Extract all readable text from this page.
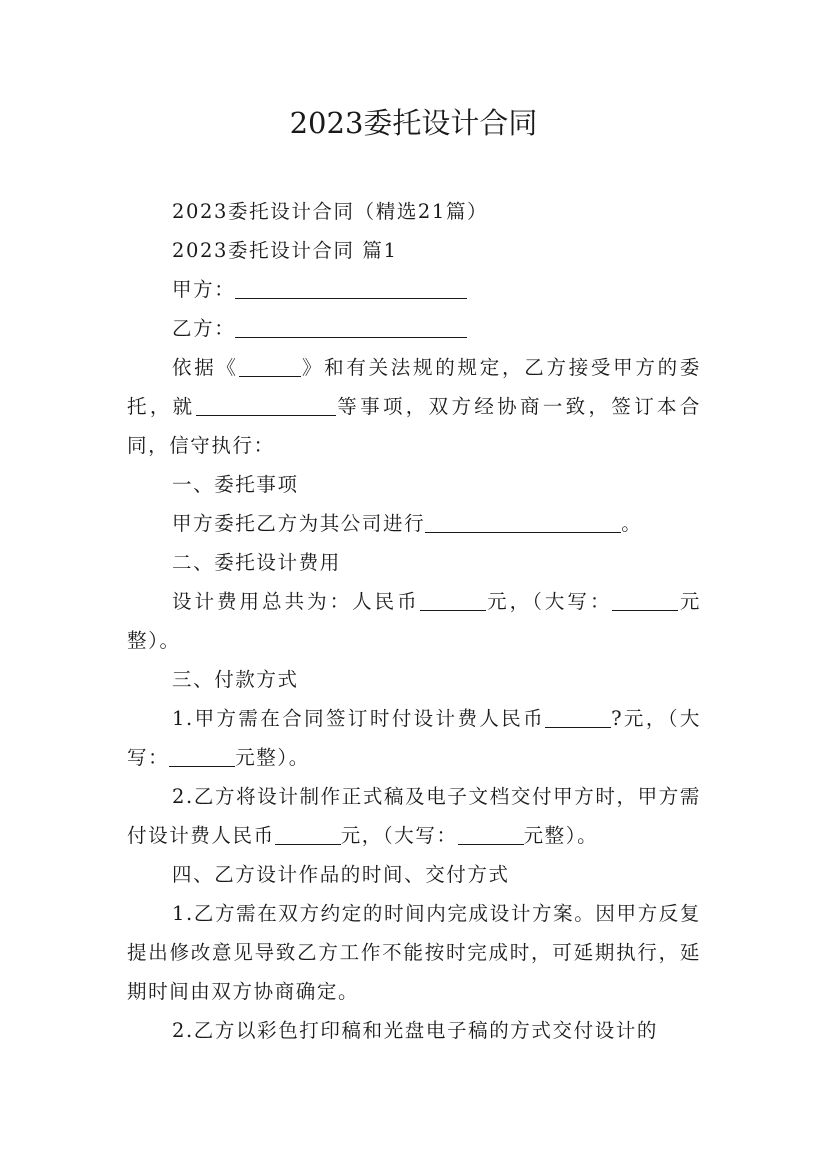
2023委托设计合同

2023委托设计合同（精选21篇）

2023委托设计合同 篇1

甲方：

乙方：

依据《	》和有关法规的规定，乙方接受甲方的委托，就	等事项，双方经协商一致，签订本合同，信守执行：

一、委托事项

甲方委托乙方为其公司进行	。

二、委托设计费用

设计费用总共为：人民币	元，（大写：	元整）。

三、付款方式

1.甲方需在合同签订时付设计费人民币	?元，（大写：	元整）。

2.乙方将设计制作正式稿及电子文档交付甲方时，甲方需付设计费人民币	元，（大写：	元整）。

四、乙方设计作品的时间、交付方式

1.乙方需在双方约定的时间内完成设计方案。因甲方反复提出修改意见导致乙方工作不能按时完成时，可延期执行，延期时间由双方协商确定。

2.乙方以彩色打印稿和光盘电子稿的方式交付设计的
